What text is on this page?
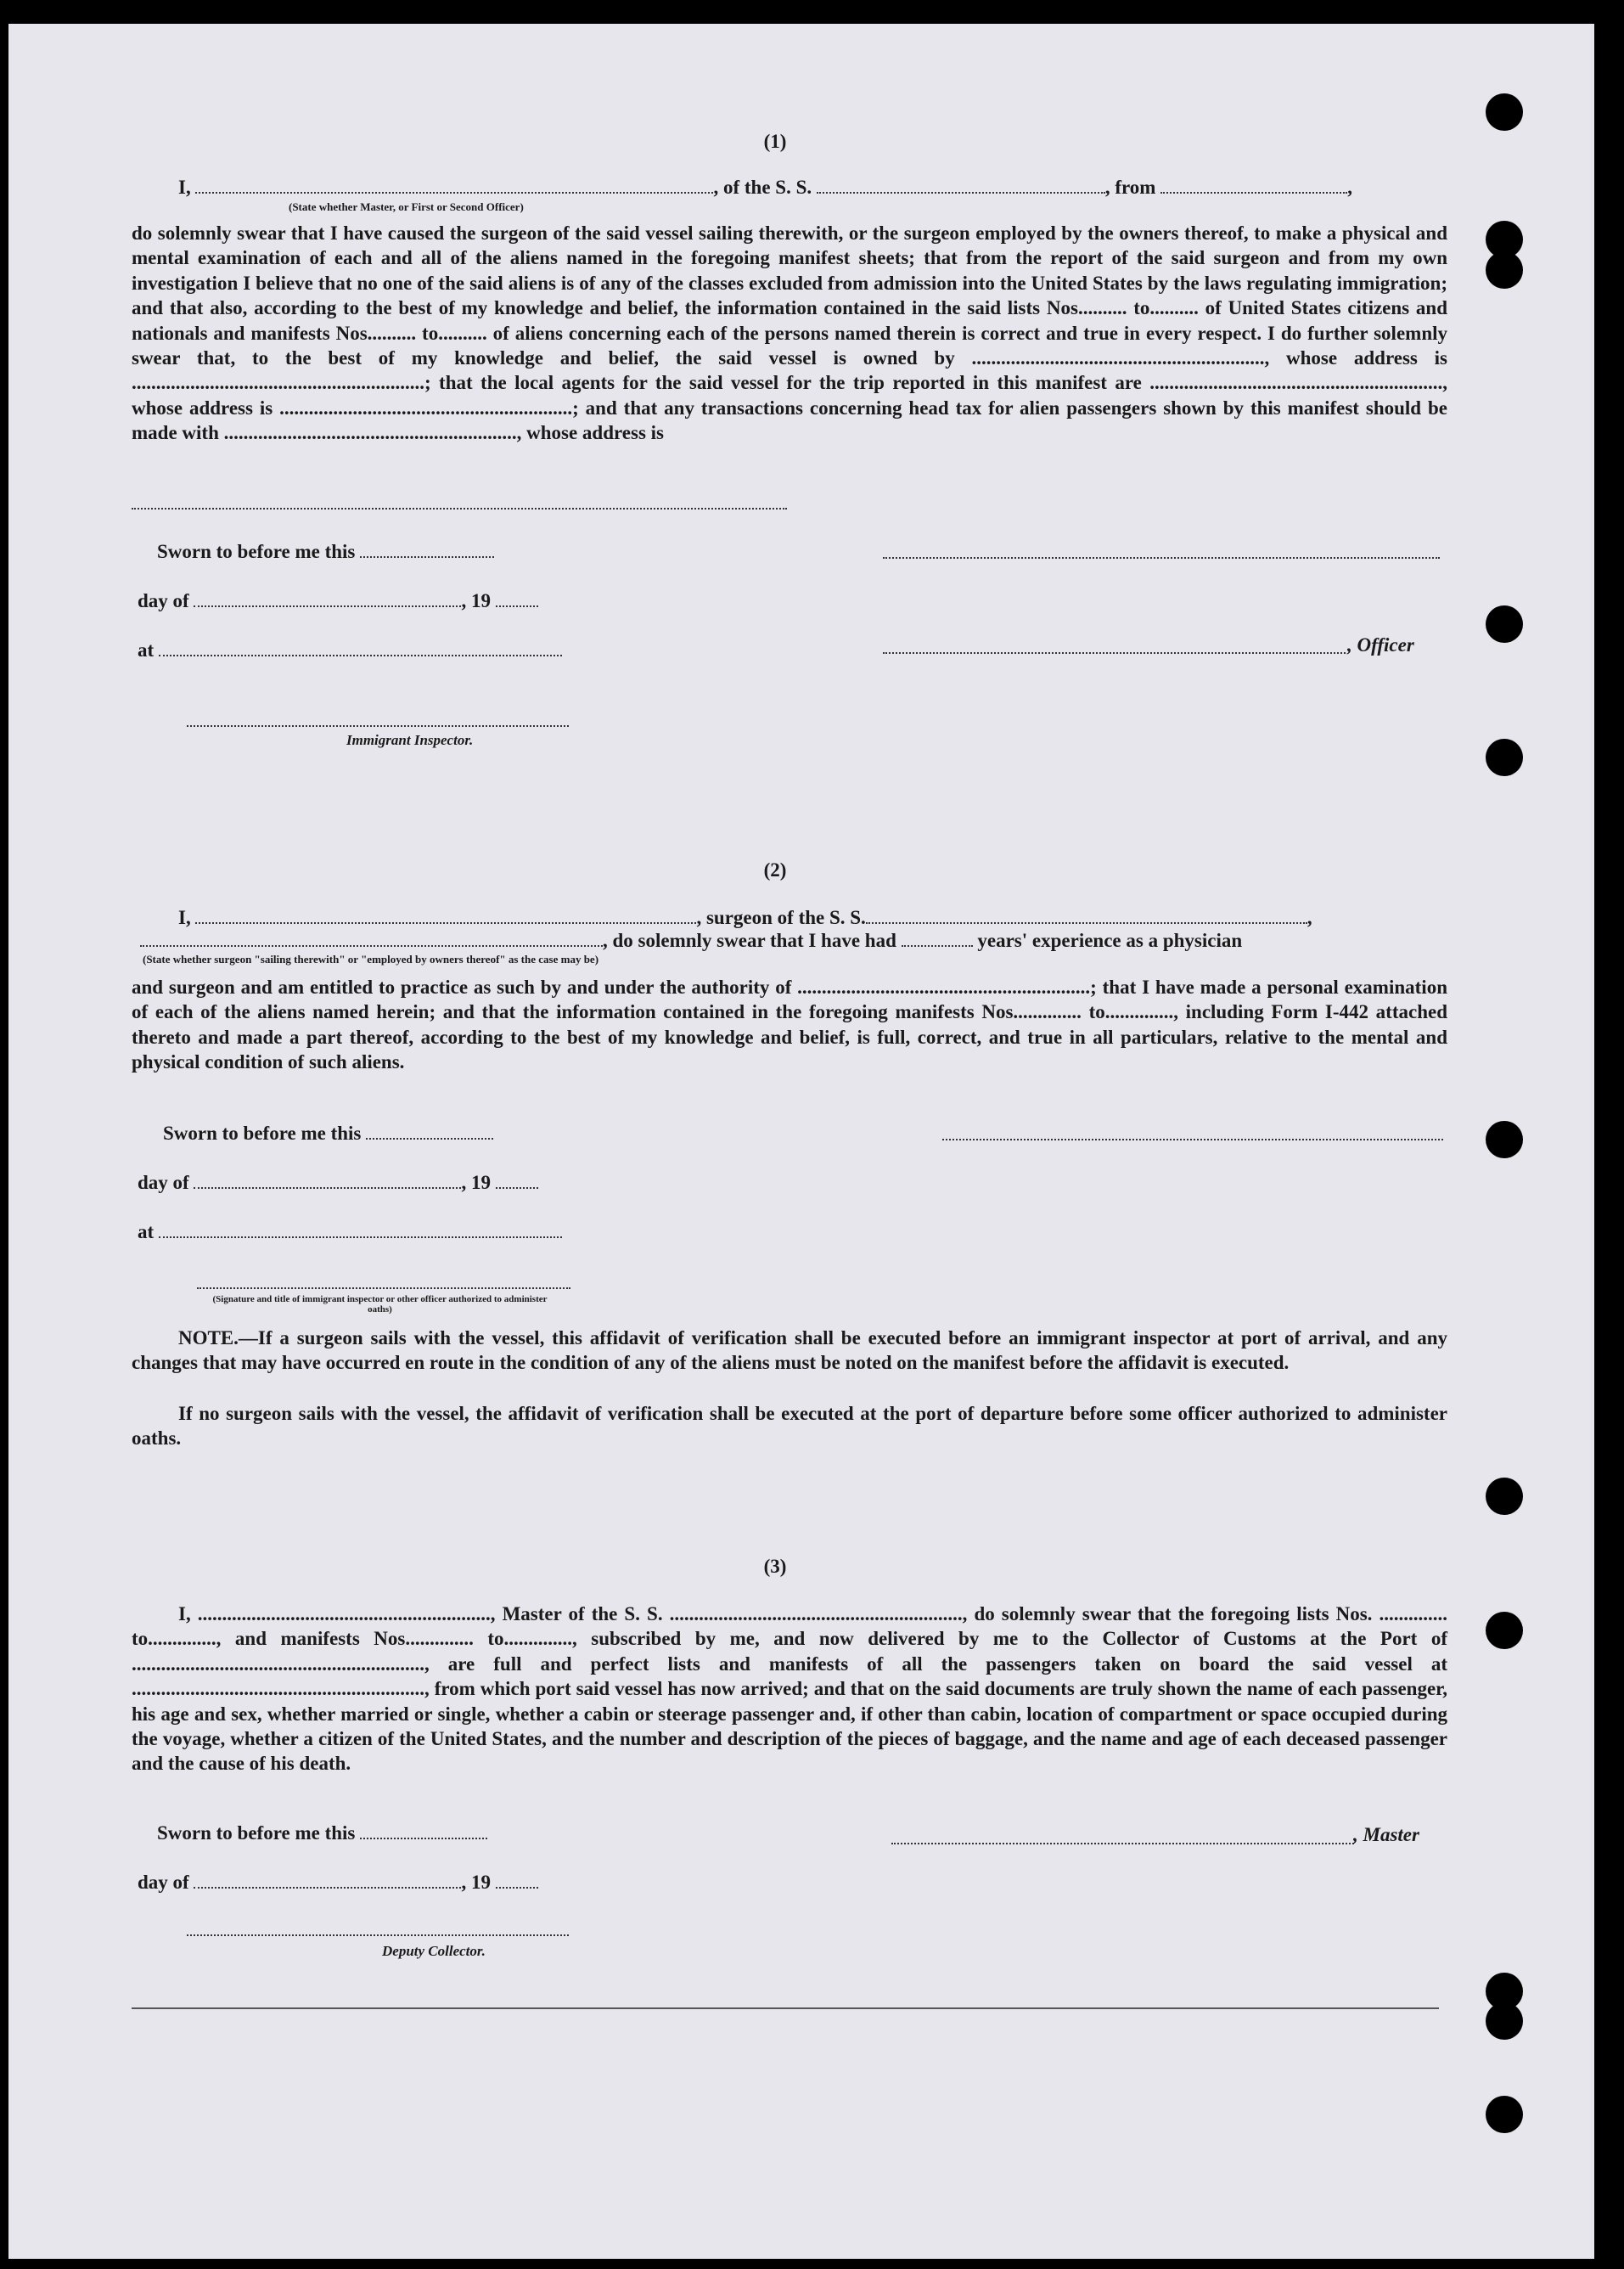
(1)
I,	, of the S. S.	, from	,
(State whether Master, or First or Second Officer)

do solemnly swear that I have caused the surgeon of the said vessel sailing therewith, or the surgeon employed by the owners thereof, to make a physical and mental examination of each and all of the aliens named in the foregoing manifest sheets; that from the report of the said surgeon and from my own investigation I believe that no one of the said aliens is of any of the classes excluded from admission into the United States by the laws regulating immigration; and that also, according to the best of my knowledge and belief, the information contained in the said lists Nos.......... to.......... of United States citizens and nationals and manifests Nos.......... to.......... of aliens concerning each of the persons named therein is correct and true in every respect. I do further solemnly swear that, to the best of my knowledge and belief, the said vessel is owned by ............................................................, whose address is ............................................................; that the local agents for the said vessel for the trip reported in this manifest are ............................................................, whose address is ............................................................; and that any transactions concerning head tax for alien passengers shown by this manifest should be made with ............................................................, whose address is

Sworn to before me this
day of	, 19
, Officer
at
Immigrant Inspector.
(2)
I,	, surgeon of the S. S.	,
, do solemnly swear that I have had	years' experience as a physician
(State whether surgeon "sailing therewith" or "employed by owners thereof" as the case may be)

and surgeon and am entitled to practice as such by and under the authority of ............................................................; that I have made a personal examination of each of the aliens named herein; and that the information contained in the foregoing manifests Nos.............. to.............., including Form I-442 attached thereto and made a part thereof, according to the best of my knowledge and belief, is full, correct, and true in all particulars, relative to the mental and physical condition of such aliens.

Sworn to before me this
day of	, 19
at
(Signature and title of immigrant inspector or other officer authorized to administer oaths)

NOTE.—If a surgeon sails with the vessel, this affidavit of verification shall be executed before an immigrant inspector at port of arrival, and any changes that may have occurred en route in the condition of any of the aliens must be noted on the manifest before the affidavit is executed.

If no surgeon sails with the vessel, the affidavit of verification shall be executed at the port of departure before some officer authorized to administer oaths.

(3)

I, ............................................................, Master of the S. S. ............................................................, do solemnly swear that the foregoing lists Nos. .............. to.............., and manifests Nos.............. to.............., subscribed by me, and now delivered by me to the Collector of Customs at the Port of ............................................................, are full and perfect lists and manifests of all the passengers taken on board the said vessel at ............................................................, from which port said vessel has now arrived; and that on the said documents are truly shown the name of each passenger, his age and sex, whether married or single, whether a cabin or steerage passenger and, if other than cabin, location of compartment or space occupied during the voyage, whether a citizen of the United States, and the number and description of the pieces of baggage, and the name and age of each deceased passenger and the cause of his death.

Sworn to before me this	, Master
day of	, 19
Deputy Collector.
